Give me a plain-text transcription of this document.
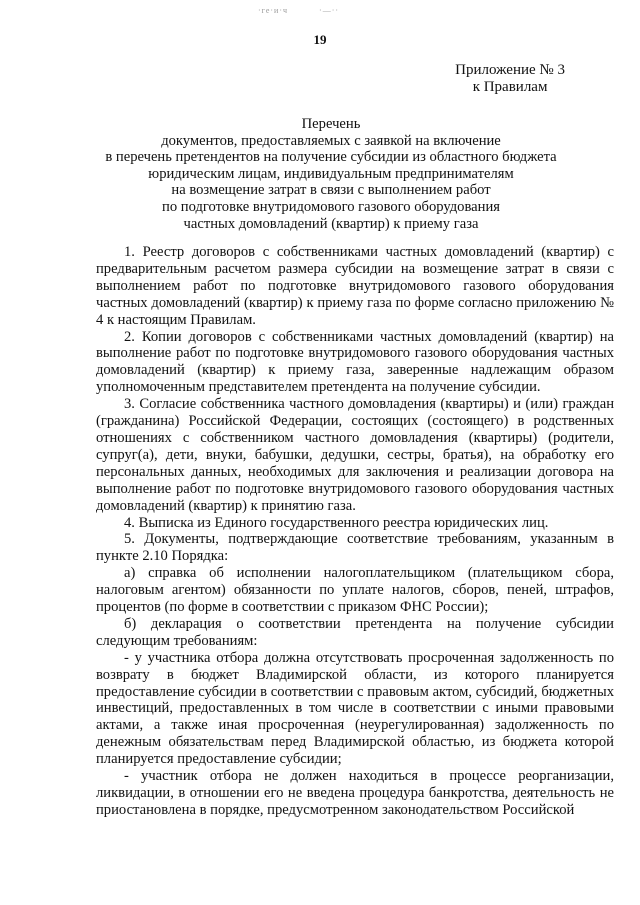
·ге·и·ч	·—··
19
Приложение № 3
к Правилам
Перечень
документов, предоставляемых с заявкой на включение
в перечень претендентов на получение субсидии из областного бюджета
юридическим лицам, индивидуальным предпринимателям
на возмещение затрат в связи с выполнением работ
по подготовке внутридомового газового оборудования
частных домовладений (квартир) к приему газа

1. Реестр договоров с собственниками частных домовладений (квартир) с предварительным расчетом размера субсидии на возмещение затрат в связи с выполнением работ по подготовке внутридомового газового оборудования частных домовладений (квартир) к приему газа по форме согласно приложению № 4 к настоящим Правилам.

2. Копии договоров с собственниками частных домовладений (квартир) на выполнение работ по подготовке внутридомового газового оборудования частных домовладений (квартир) к приему газа, заверенные надлежащим образом уполномоченным представителем претендента на получение субсидии.

3. Согласие собственника частного домовладения (квартиры) и (или) граждан (гражданина) Российской Федерации, состоящих (состоящего) в родственных отношениях с собственником частного домовладения (квартиры) (родители, супруг(а), дети, внуки, бабушки, дедушки, сестры, братья), на обработку его персональных данных, необходимых для заключения и реализации договора на выполнение работ по подготовке внутридомового газового оборудования частных домовладений (квартир) к принятию газа.

4. Выписка из Единого государственного реестра юридических лиц.

5. Документы, подтверждающие соответствие требованиям, указанным в пункте 2.10 Порядка:

а) справка об исполнении налогоплательщиком (плательщиком сбора, налоговым агентом) обязанности по уплате налогов, сборов, пеней, штрафов, процентов (по форме в соответствии с приказом ФНС России);

б) декларация о соответствии претендента на получение субсидии следующим требованиям:

- у участника отбора должна отсутствовать просроченная задолженность по возврату в бюджет Владимирской области, из которого планируется предоставление субсидии в соответствии с правовым актом, субсидий, бюджетных инвестиций, предоставленных в том числе в соответствии с иными правовыми актами, а также иная просроченная (неурегулированная) задолженность по денежным обязательствам перед Владимирской областью, из бюджета которой планируется предоставление субсидии;

- участник отбора не должен находиться в процессе реорганизации, ликвидации, в отношении его не введена процедура банкротства, деятельность не приостановлена в порядке, предусмотренном законодательством Российской
